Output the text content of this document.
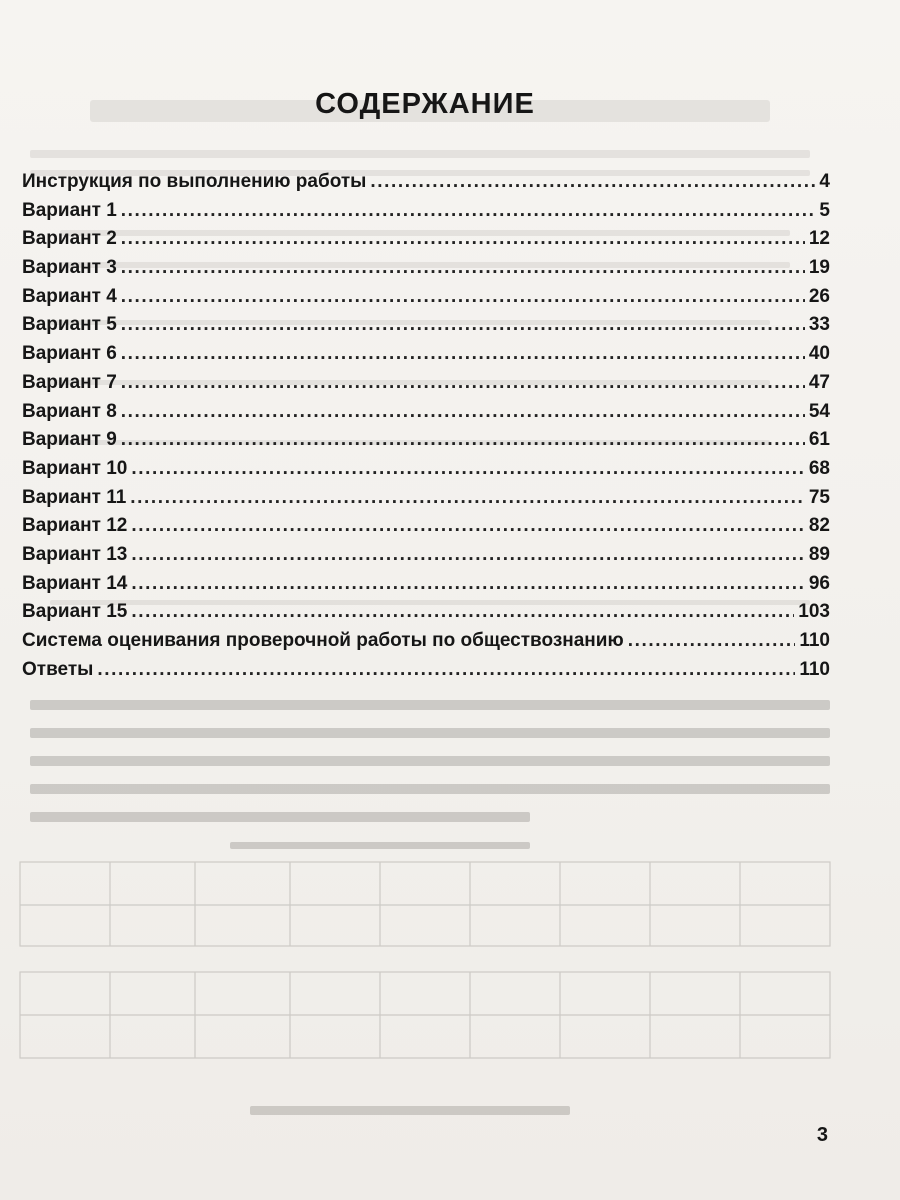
СОДЕРЖАНИЕ
Инструкция по выполнению работы .....	4
Вариант 1 .....	5
Вариант 2 .....	12
Вариант 3 .....	19
Вариант 4 .....	26
Вариант 5 .....	33
Вариант 6 .....	40
Вариант 7 .....	47
Вариант 8 .....	54
Вариант 9 .....	61
Вариант 10 .....	68
Вариант 11 .....	75
Вариант 12 .....	82
Вариант 13 .....	89
Вариант 14 .....	96
Вариант 15 .....	103
Система оценивания проверочной работы по обществознанию .....	110
Ответы .....	110
3
